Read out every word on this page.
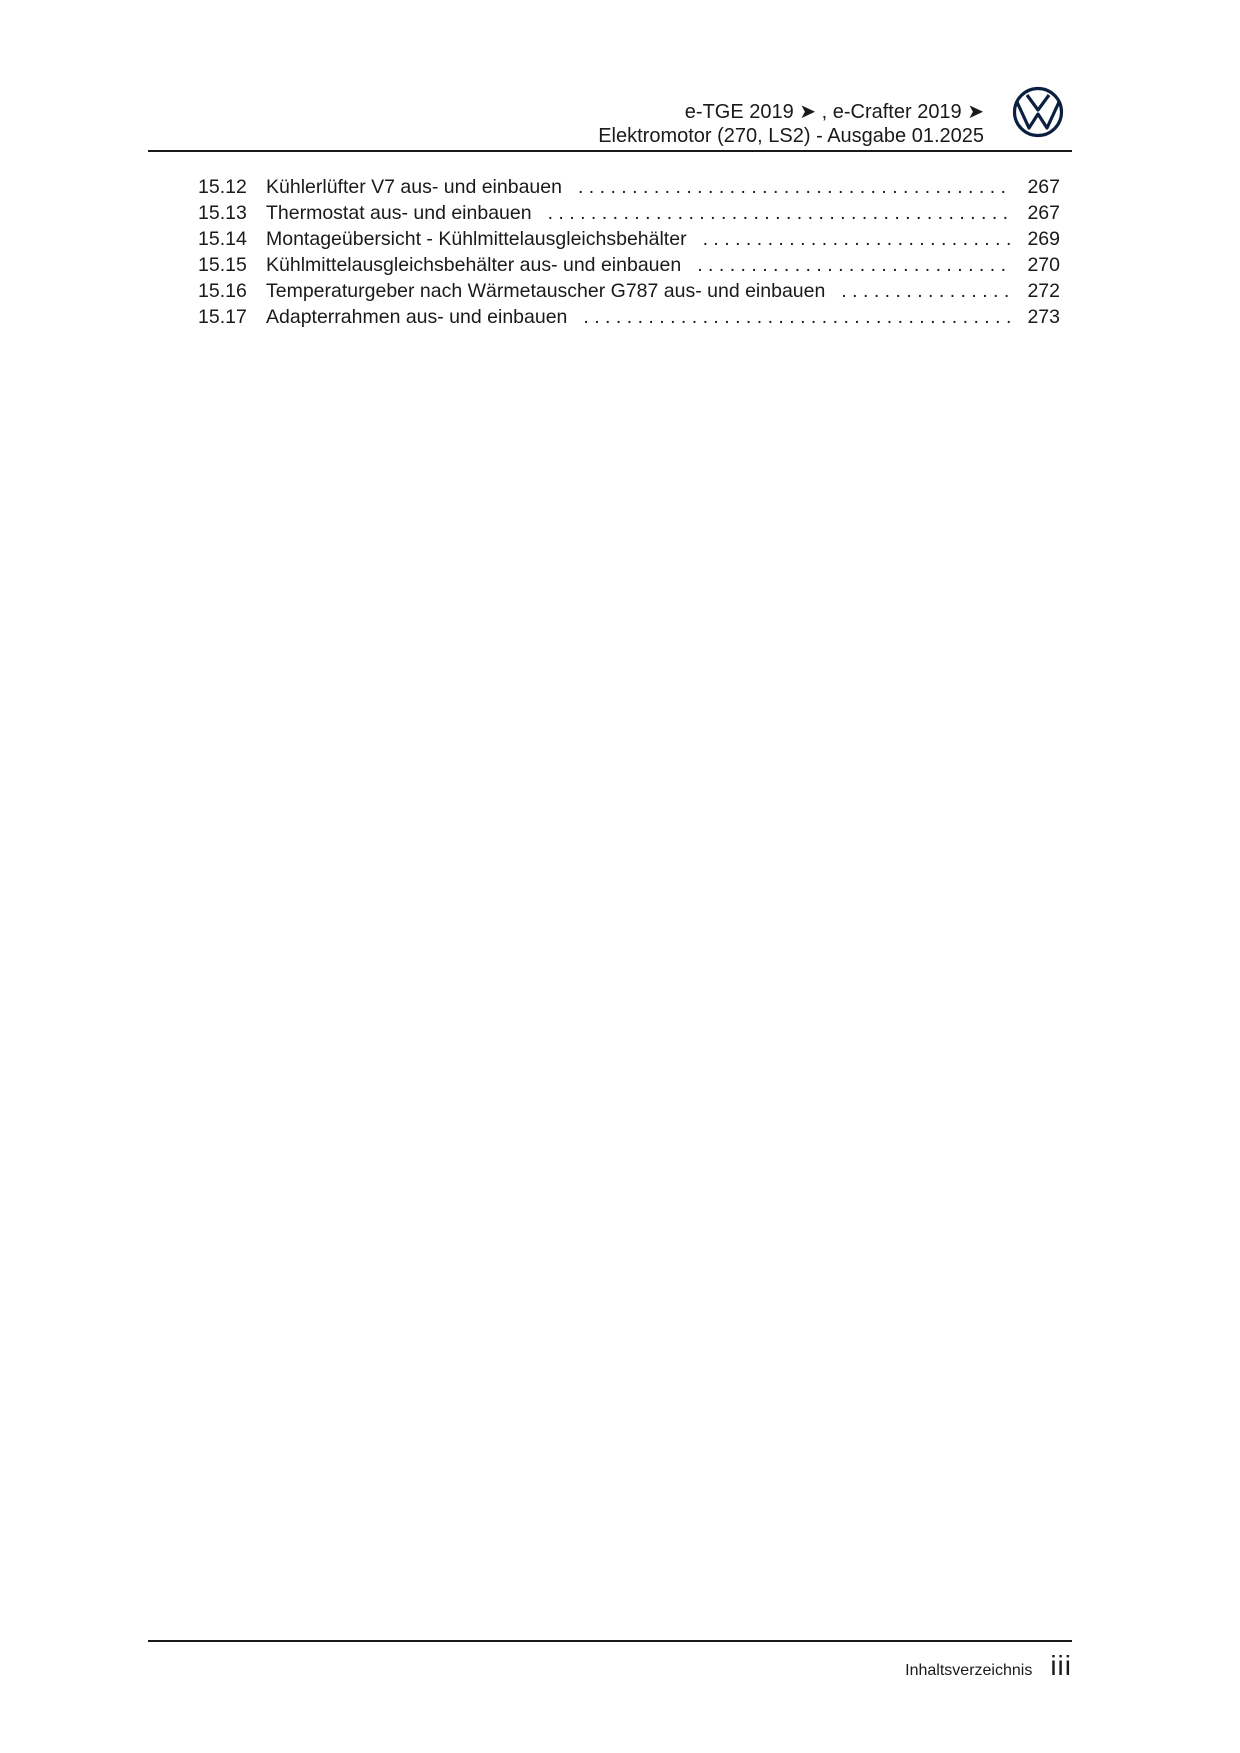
e-TGE 2019 ➤ , e-Crafter 2019 ➤
Elektromotor (270, LS2) - Ausgabe 01.2025
15.12 Kühlerlüfter V7 aus- und einbauen . . .	267
15.13 Thermostat aus- und einbauen . . .	267
15.14 Montageübersicht - Kühlmittelausgleichsbehälter . . .	269
15.15 Kühlmittelausgleichsbehälter aus- und einbauen . . .	270
15.16 Temperaturgeber nach Wärmetauscher G787 aus- und einbauen . . .	272
15.17 Adapterrahmen aus- und einbauen . . .	273
Inhaltsverzeichnis iii
